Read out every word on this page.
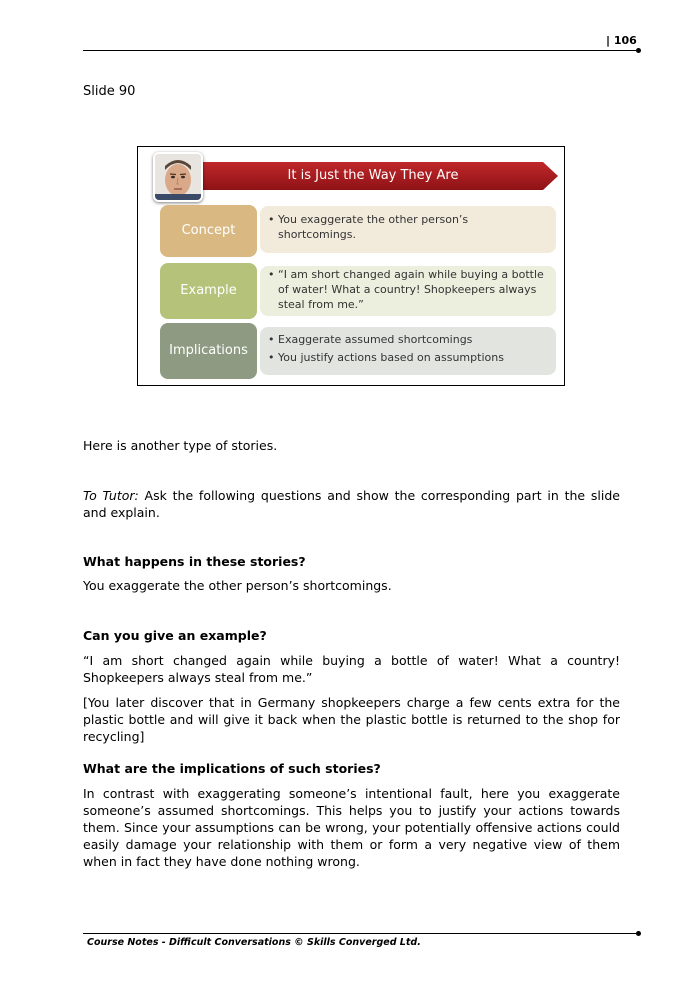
| 106
Slide 90
It is Just the Way They Are
Concept
• You exaggerate the other person’s shortcomings.
Example
• “I am short changed again while buying a bottle of water! What a country! Shopkeepers always steal from me.”
Implications
• Exaggerate assumed shortcomings
• You justify actions based on assumptions
Here is another type of stories.
To Tutor: Ask the following questions and show the corresponding part in the slide and explain.
What happens in these stories?
You exaggerate the other person’s shortcomings.
Can you give an example?
“I am short changed again while buying a bottle of water! What a country! Shopkeepers always steal from me.”
[You later discover that in Germany shopkeepers charge a few cents extra for the plastic bottle and will give it back when the plastic bottle is returned to the shop for recycling]
What are the implications of such stories?
In contrast with exaggerating someone’s intentional fault, here you exaggerate someone’s assumed shortcomings. This helps you to justify your actions towards them. Since your assumptions can be wrong, your potentially offensive actions could easily damage your relationship with them or form a very negative view of them when in fact they have done nothing wrong.
Course Notes - Difficult Conversations © Skills Converged Ltd.
